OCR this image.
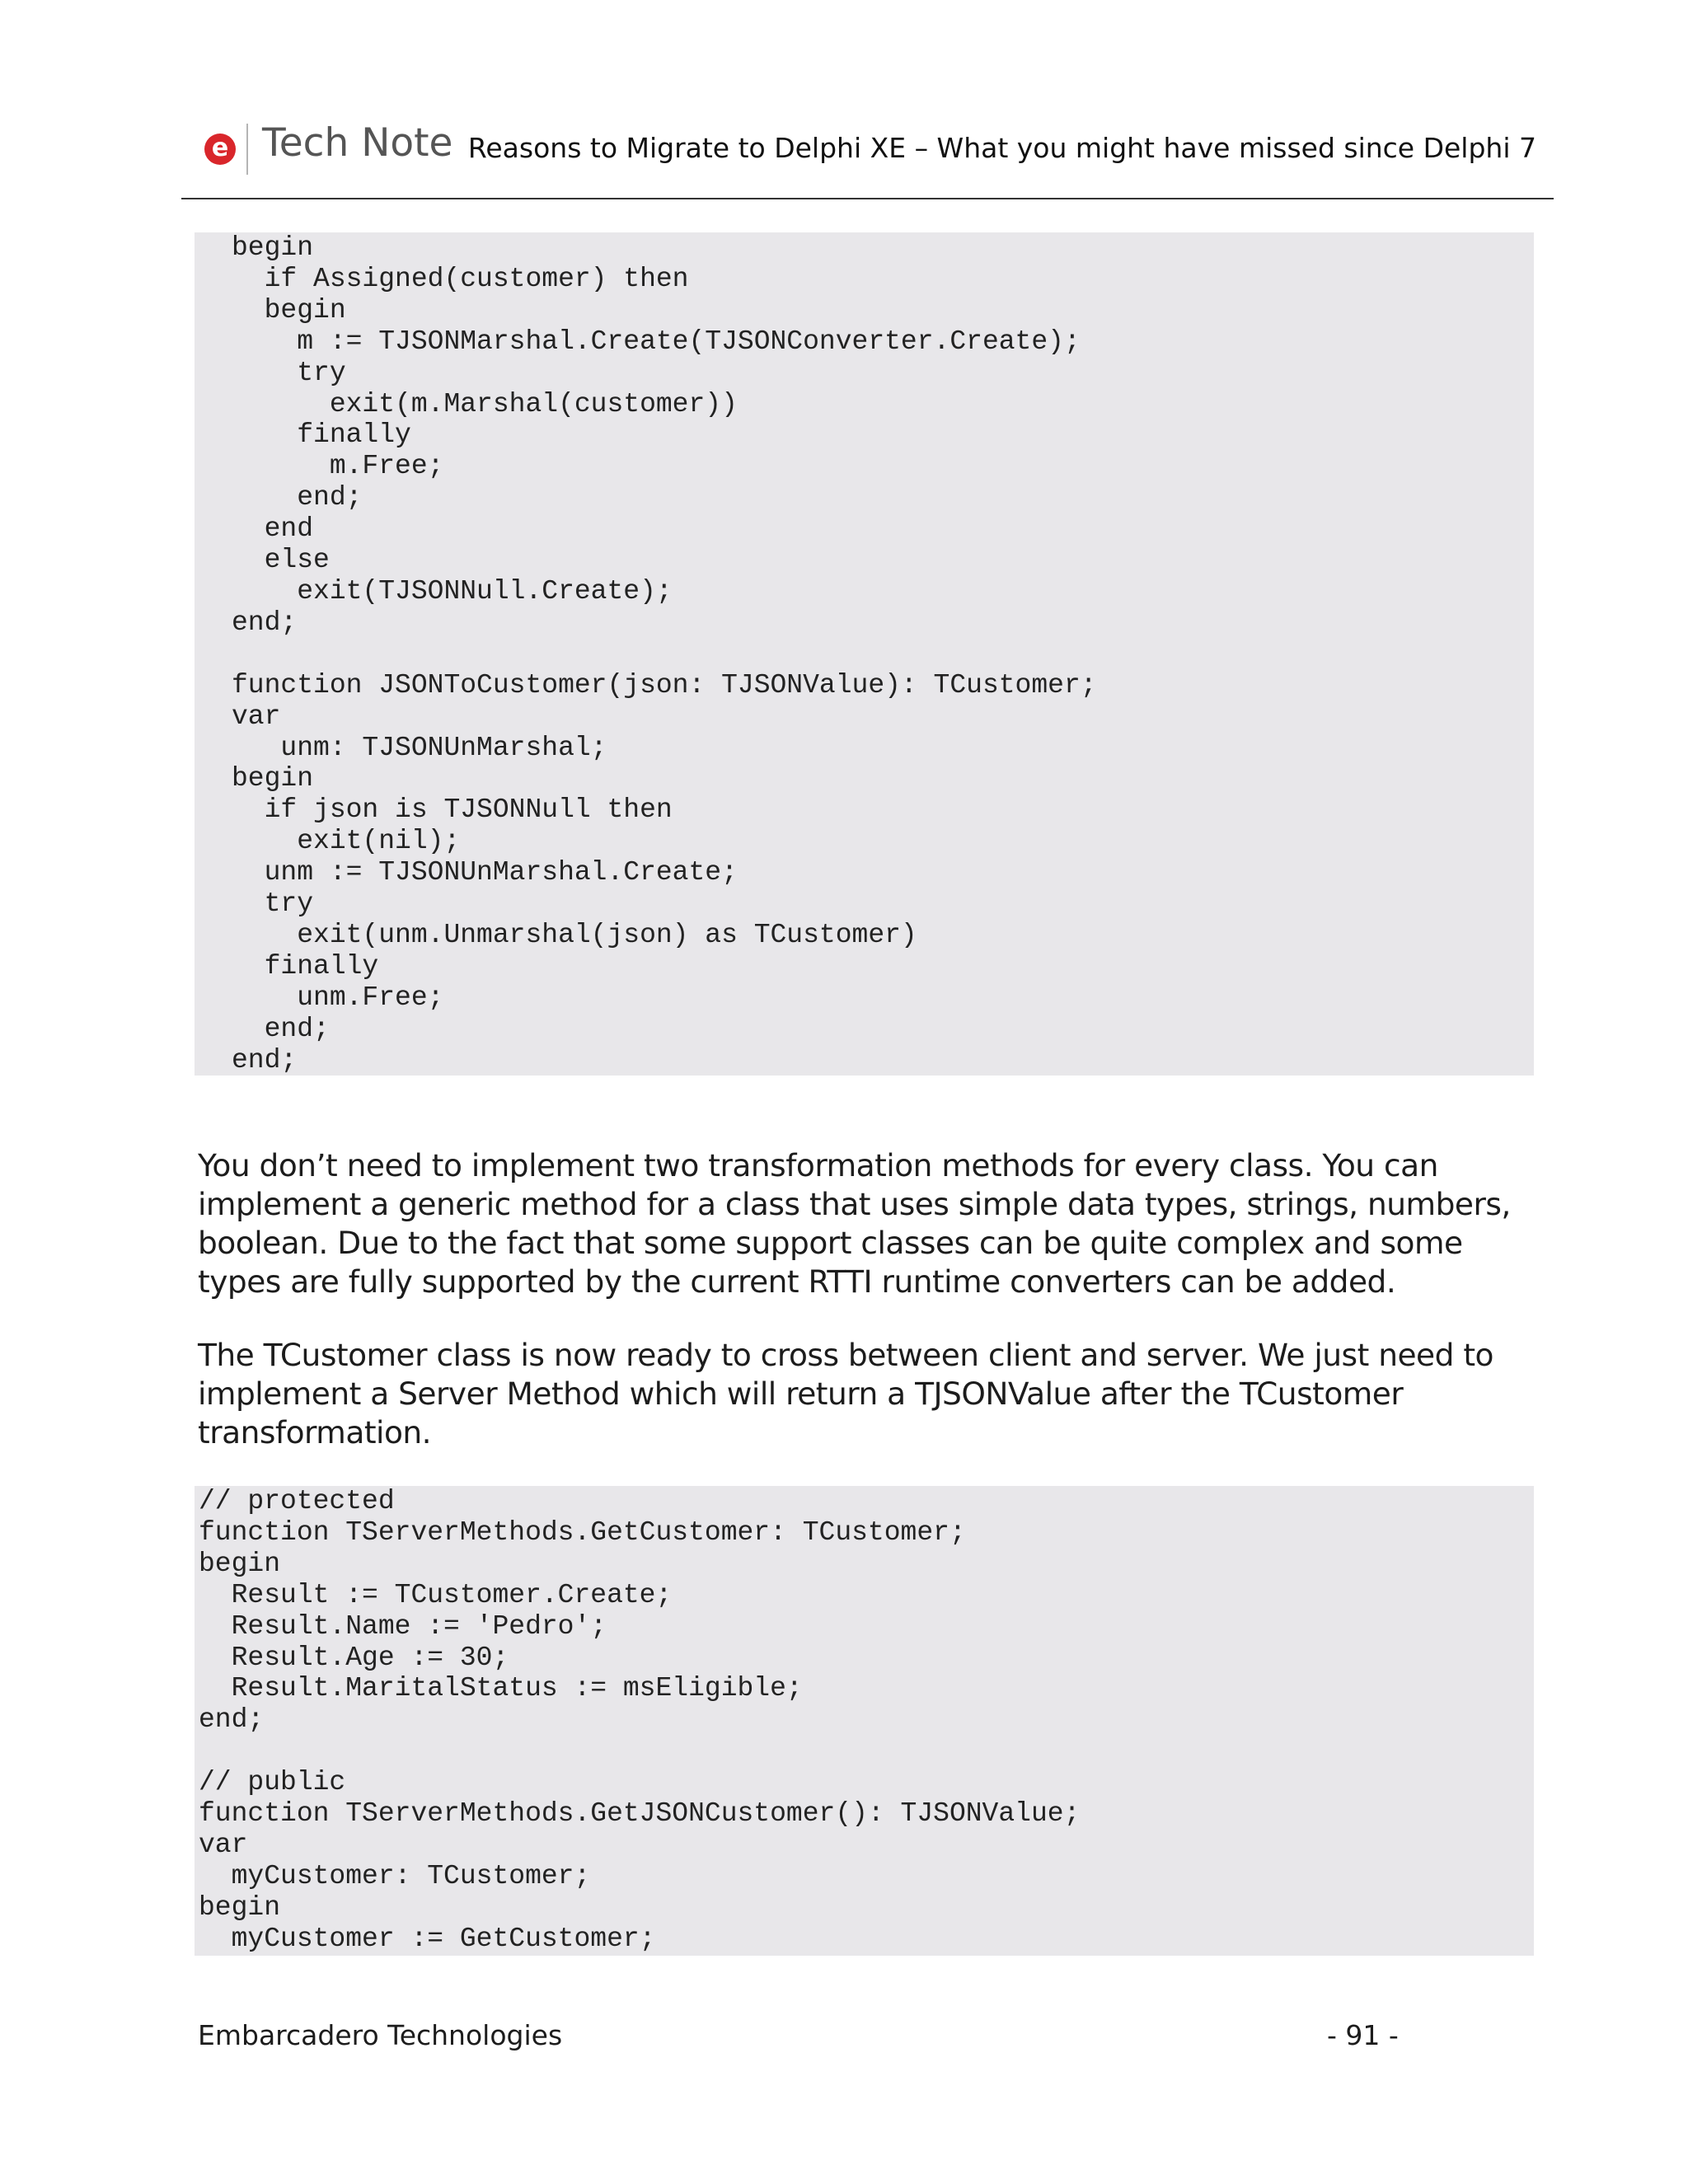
e Tech Note Reasons to Migrate to Delphi XE – What you might have missed since Delphi 7
begin
if Assigned(customer) then
begin
m := TJSONMarshal.Create(TJSONConverter.Create);
try
exit(m.Marshal(customer))
finally
m.Free;
end;
end
else
exit(TJSONNull.Create);
end;

function JSONToCustomer(json: TJSONValue): TCustomer;
var
unm: TJSONUnMarshal;
begin
if json is TJSONNull then
exit(nil);
unm := TJSONUnMarshal.Create;
try
exit(unm.Unmarshal(json) as TCustomer)
finally
unm.Free;
end;
end;

You don’t need to implement two transformation methods for every class. You can implement a generic method for a class that uses simple data types, strings, numbers, boolean. Due to the fact that some support classes can be quite complex and some types are fully supported by the current RTTI runtime converters can be added.

The TCustomer class is now ready to cross between client and server. We just need to implement a Server Method which will return a TJSONValue after the TCustomer transformation.

// protected
function TServerMethods.GetCustomer: TCustomer;
begin
Result := TCustomer.Create;
Result.Name := 'Pedro';
Result.Age := 30;
Result.MaritalStatus := msEligible;
end;

// public
function TServerMethods.GetJSONCustomer(): TJSONValue;
var
myCustomer: TCustomer;
begin
myCustomer := GetCustomer;
Embarcadero Technologies	- 91 -
